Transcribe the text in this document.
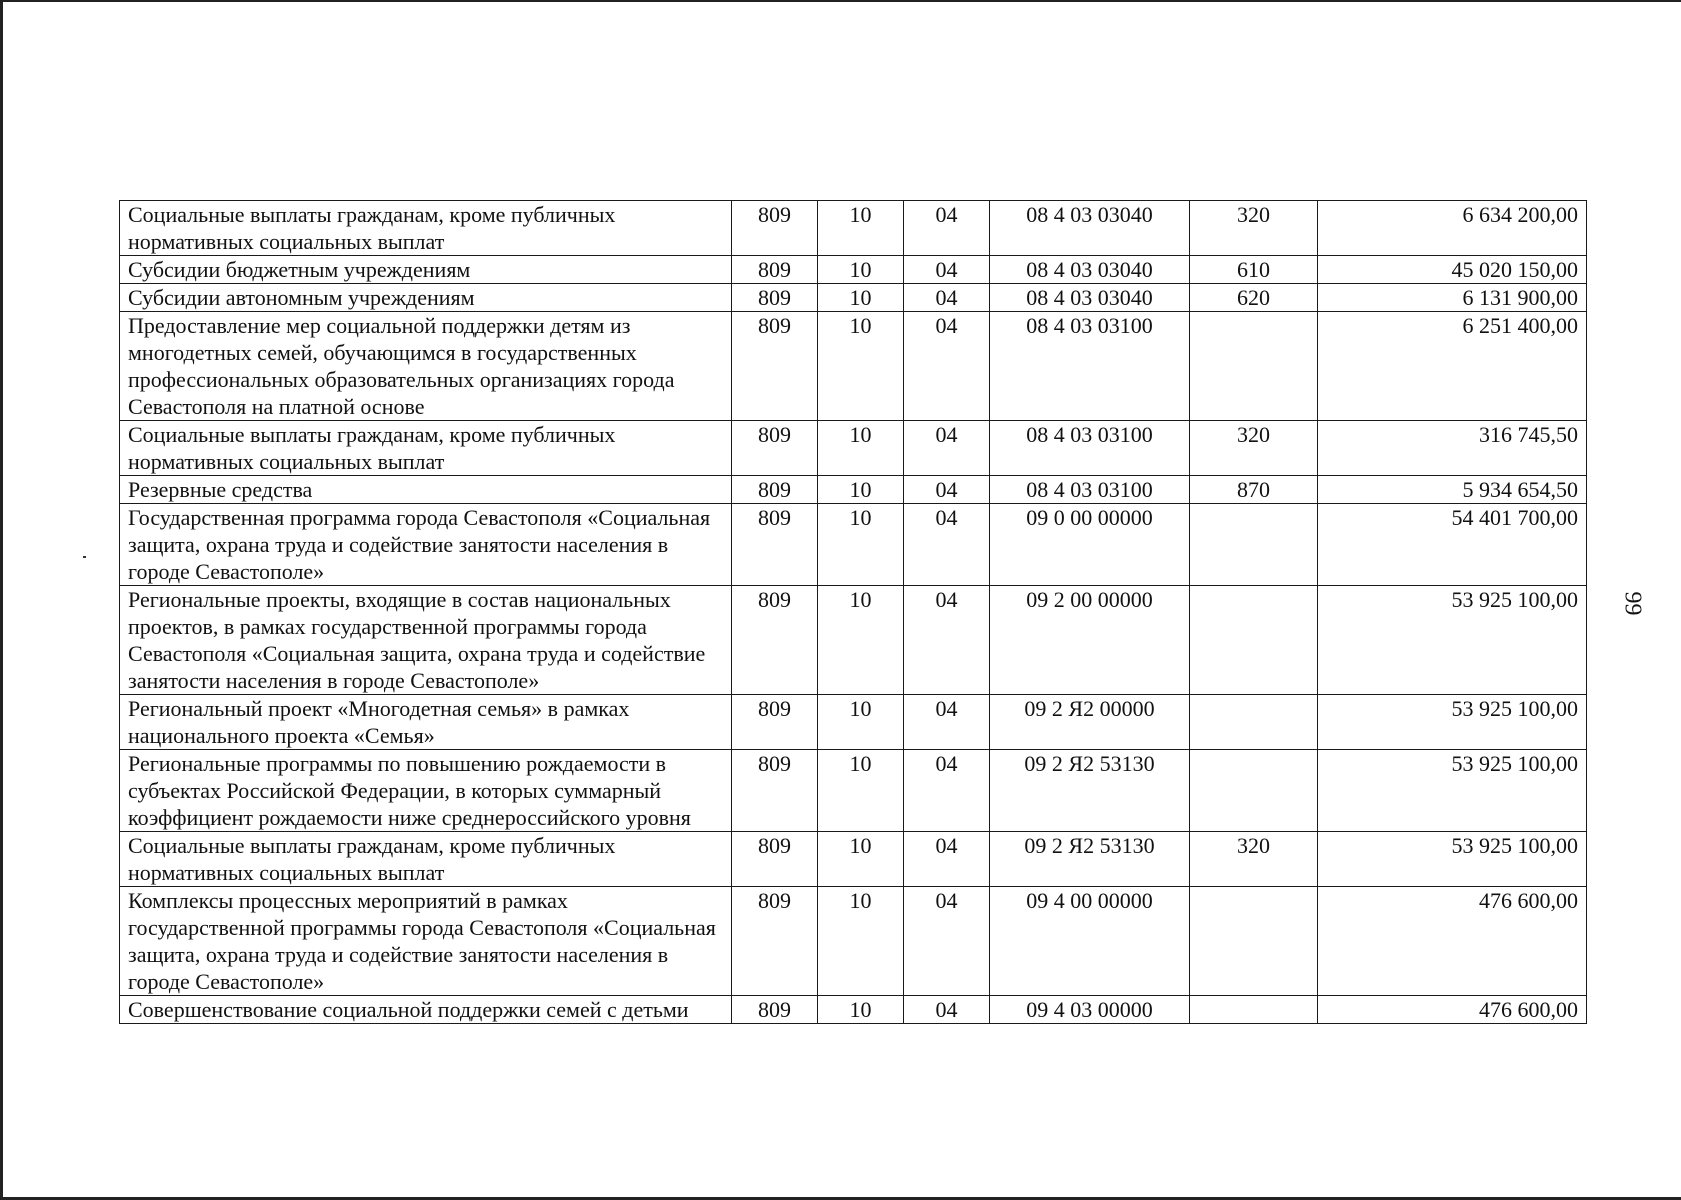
99
Социальные выплаты гражданам, кроме публичных нормативных социальных выплат	809	10	04	08 4 03 03040	320	6 634 200,00
Субсидии бюджетным учреждениям	809	10	04	08 4 03 03040	610	45 020 150,00
Субсидии автономным учреждениям	809	10	04	08 4 03 03040	620	6 131 900,00
Предоставление мер социальной поддержки детям из многодетных семей, обучающимся в государственных профессиональных образовательных организациях города Севастополя на платной основе	809	10	04	08 4 03 03100		6 251 400,00
Социальные выплаты гражданам, кроме публичных нормативных социальных выплат	809	10	04	08 4 03 03100	320	316 745,50
Резервные средства	809	10	04	08 4 03 03100	870	5 934 654,50
Государственная программа города Севастополя «Социальная защита, охрана труда и содействие занятости населения в городе Севастополе»	809	10	04	09 0 00 00000		54 401 700,00
Региональные проекты, входящие в состав национальных проектов, в рамках государственной программы города Севастополя «Социальная защита, охрана труда и содействие занятости населения в городе Севастополе»	809	10	04	09 2 00 00000		53 925 100,00
Региональный проект «Многодетная семья» в рамках национального проекта «Семья»	809	10	04	09 2 Я2 00000		53 925 100,00
Региональные программы по повышению рождаемости в субъектах Российской Федерации, в которых суммарный коэффициент рождаемости ниже среднероссийского уровня	809	10	04	09 2 Я2 53130		53 925 100,00
Социальные выплаты гражданам, кроме публичных нормативных социальных выплат	809	10	04	09 2 Я2 53130	320	53 925 100,00
Комплексы процессных мероприятий в рамках государственной программы города Севастополя «Социальная защита, охрана труда и содействие занятости населения в городе Севастополе»	809	10	04	09 4 00 00000		476 600,00
Совершенствование социальной поддержки семей с детьми	809	10	04	09 4 03 00000		476 600,00
